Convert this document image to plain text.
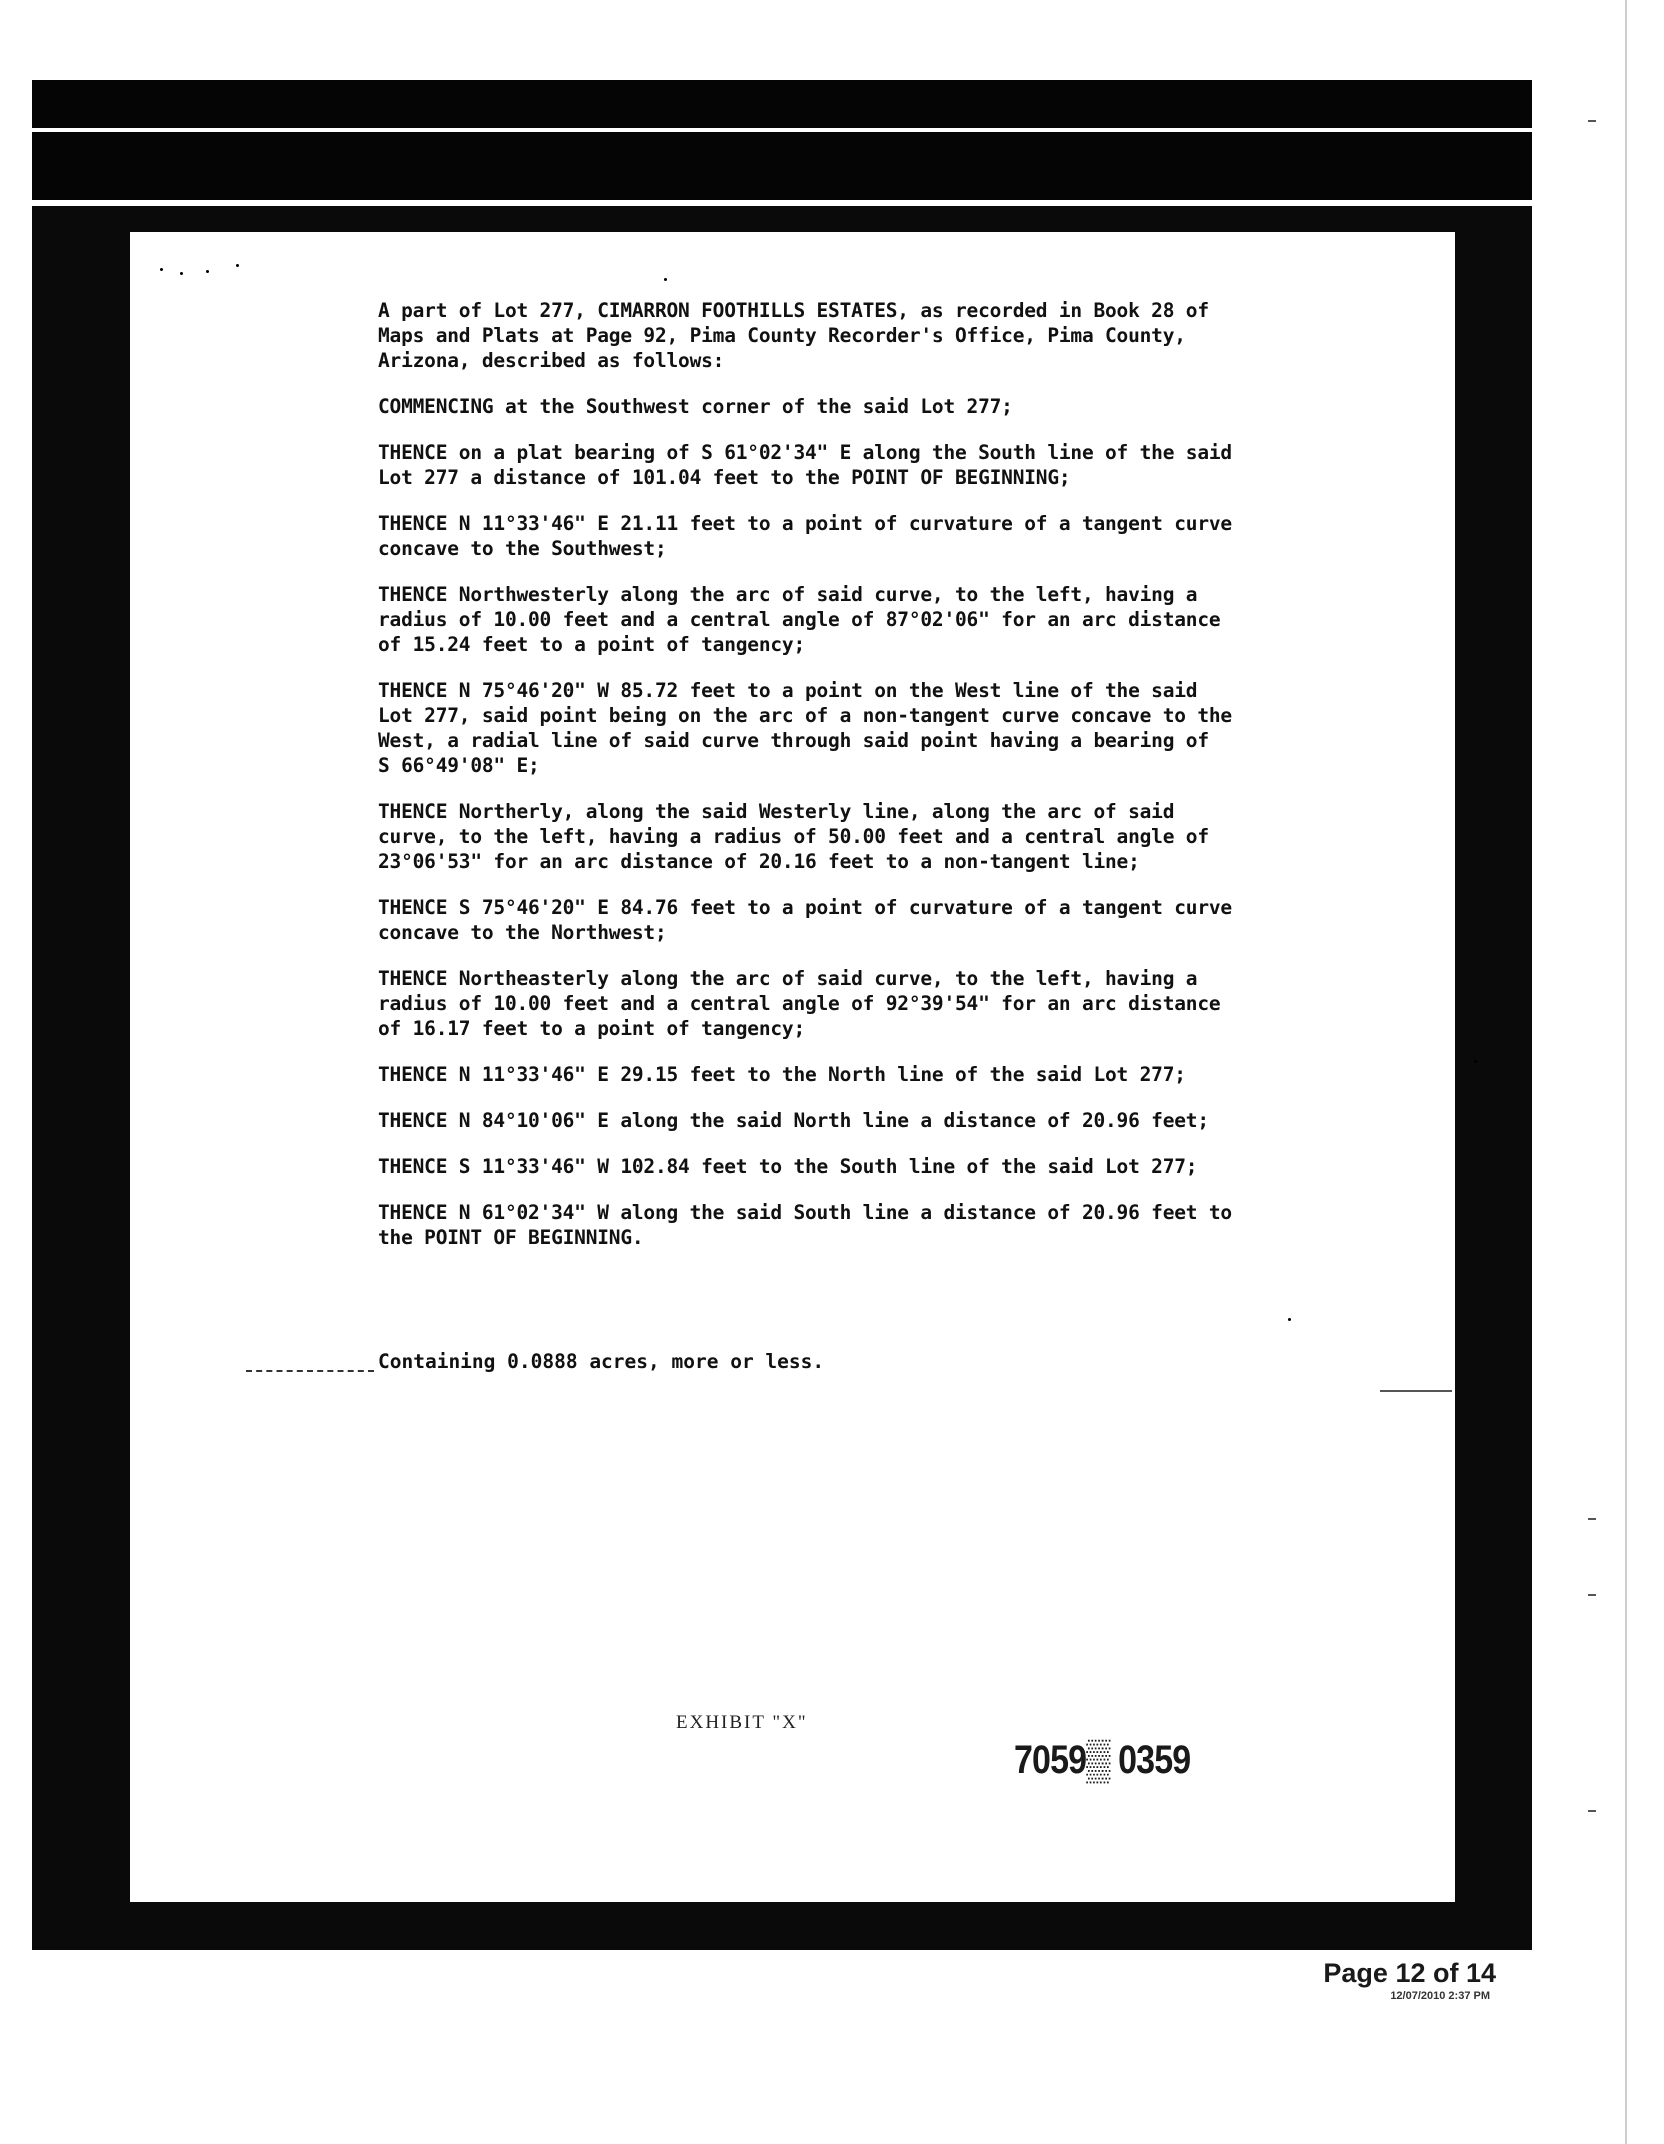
A part of Lot 277, CIMARRON FOOTHILLS ESTATES, as recorded in Book 28 of
Maps and Plats at Page 92, Pima County Recorder's Office, Pima County,
Arizona, described as follows:

COMMENCING at the Southwest corner of the said Lot 277;

THENCE on a plat bearing of S 61°02'34" E along the South line of the said
Lot 277 a distance of 101.04 feet to the POINT OF BEGINNING;

THENCE N 11°33'46" E 21.11 feet to a point of curvature of a tangent curve
concave to the Southwest;

THENCE Northwesterly along the arc of said curve, to the left, having a
radius of 10.00 feet and a central angle of 87°02'06" for an arc distance
of 15.24 feet to a point of tangency;

THENCE N 75°46'20" W 85.72 feet to a point on the West line of the said
Lot 277, said point being on the arc of a non-tangent curve concave to the
West, a radial line of said curve through said point having a bearing of
S 66°49'08" E;

THENCE Northerly, along the said Westerly line, along the arc of said
curve, to the left, having a radius of 50.00 feet and a central angle of
23°06'53" for an arc distance of 20.16 feet to a non-tangent line;

THENCE S 75°46'20" E 84.76 feet to a point of curvature of a tangent curve
concave to the Northwest;

THENCE Northeasterly along the arc of said curve, to the left, having a
radius of 10.00 feet and a central angle of 92°39'54" for an arc distance
of 16.17 feet to a point of tangency;

THENCE N 11°33'46" E 29.15 feet to the North line of the said Lot 277;

THENCE N 84°10'06" E along the said North line a distance of 20.96 feet;

THENCE S 11°33'46" W 102.84 feet to the South line of the said Lot 277;

THENCE N 61°02'34" W along the said South line a distance of 20.96 feet to
the POINT OF BEGINNING.

Containing 0.0888 acres, more or less.
EXHIBIT "X"
7059▒ 0359
Page 12 of 14
12/07/2010 2:37 PM
